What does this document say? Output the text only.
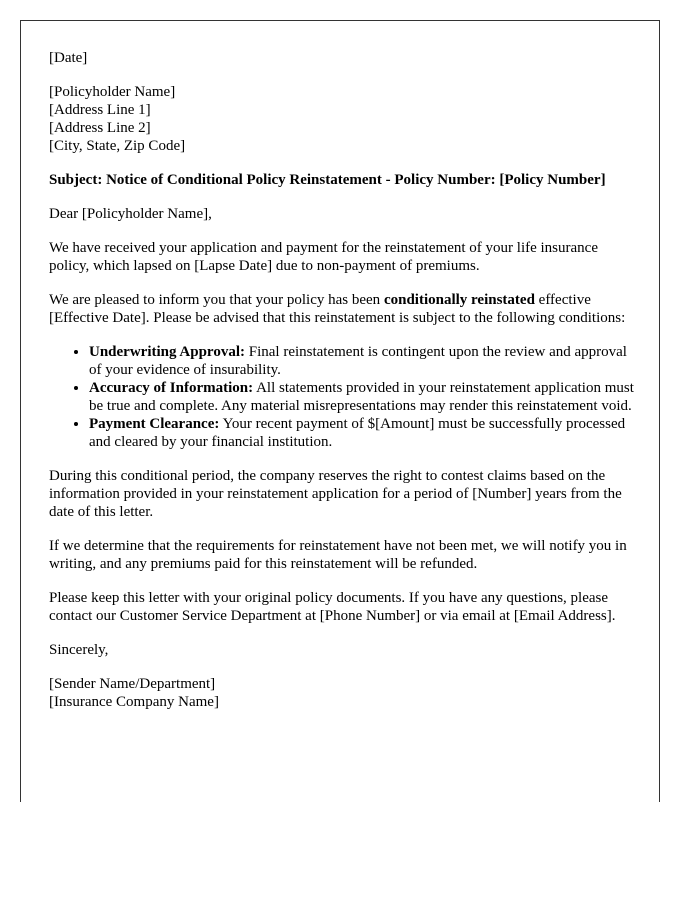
[Date]

[Policyholder Name]
[Address Line 1]
[Address Line 2]
[City, State, Zip Code]

Subject: Notice of Conditional Policy Reinstatement - Policy Number: [Policy Number]

Dear [Policyholder Name],

We have received your application and payment for the reinstatement of your life insurance policy, which lapsed on [Lapse Date] due to non-payment of premiums.

We are pleased to inform you that your policy has been conditionally reinstated effective [Effective Date]. Please be advised that this reinstatement is subject to the following conditions:

• Underwriting Approval: Final reinstatement is contingent upon the review and approval of your evidence of insurability.
• Accuracy of Information: All statements provided in your reinstatement application must be true and complete. Any material misrepresentations may render this reinstatement void.
• Payment Clearance: Your recent payment of $[Amount] must be successfully processed and cleared by your financial institution.

During this conditional period, the company reserves the right to contest claims based on the information provided in your reinstatement application for a period of [Number] years from the date of this letter.

If we determine that the requirements for reinstatement have not been met, we will notify you in writing, and any premiums paid for this reinstatement will be refunded.

Please keep this letter with your original policy documents. If you have any questions, please contact our Customer Service Department at [Phone Number] or via email at [Email Address].

Sincerely,

[Sender Name/Department]
[Insurance Company Name]
